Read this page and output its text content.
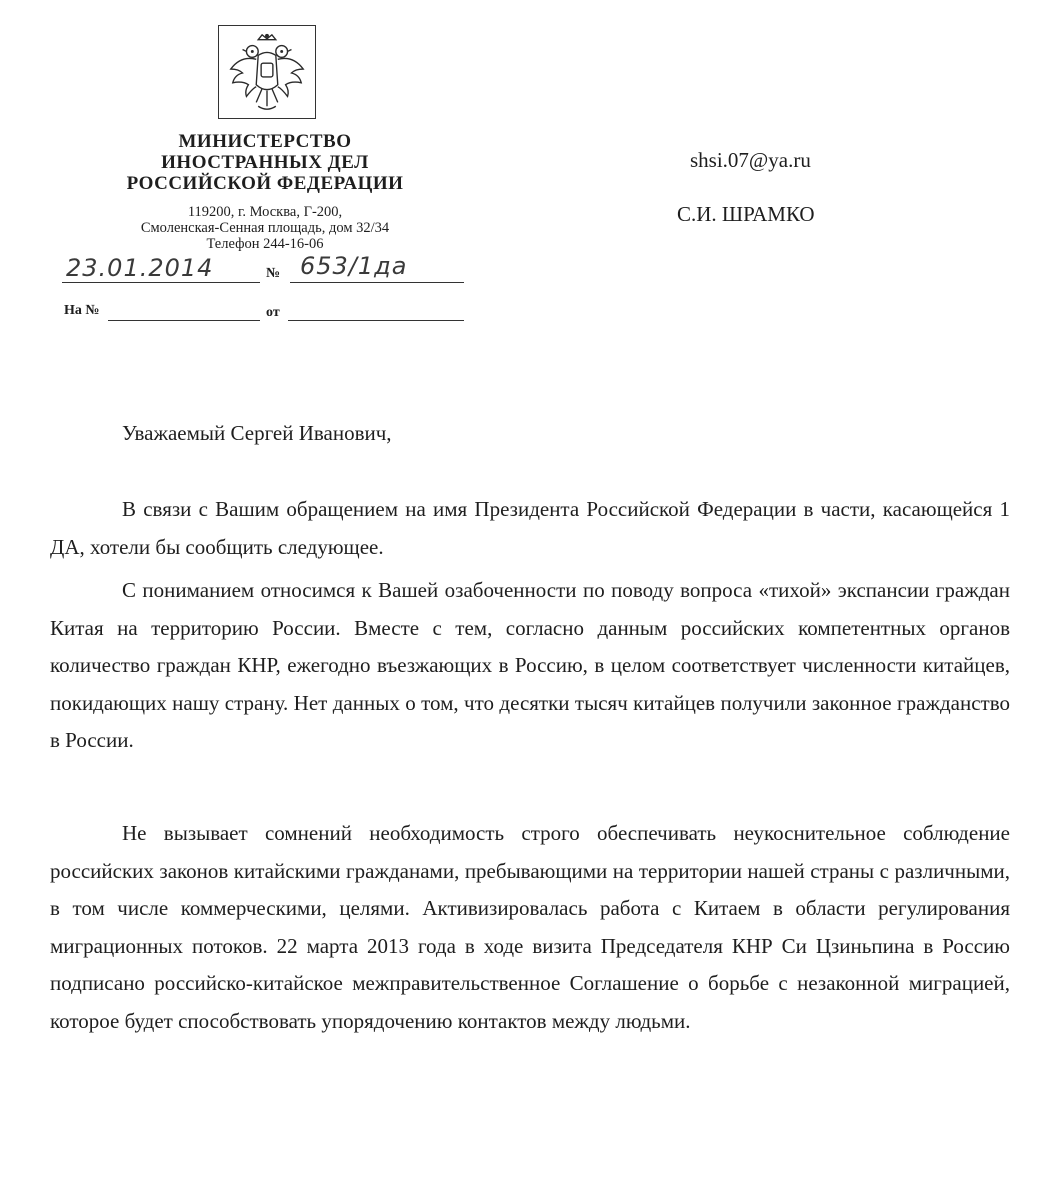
МИНИСТЕРСТВО
ИНОСТРАННЫХ ДЕЛ
РОССИЙСКОЙ ФЕДЕРАЦИИ
119200, г. Москва, Г-200,
Смоленская-Сенная площадь, дом 32/34
Телефон 244-16-06
23.01.2014	№ 653/1да
На №	от
shsi.07@ya.ru
С.И. ШРАМКО
Уважаемый Сергей Иванович,
В связи с Вашим обращением на имя Президента Российской Федерации в части, касающейся 1 ДА, хотели бы сообщить следующее.
С пониманием относимся к Вашей озабоченности по поводу вопроса «тихой» экспансии граждан Китая на территорию России. Вместе с тем, согласно данным российских компетентных органов количество граждан КНР, ежегодно въезжающих в Россию, в целом соответствует численности китайцев, покидающих нашу страну. Нет данных о том, что десятки тысяч китайцев получили законное гражданство в России.
Не вызывает сомнений необходимость строго обеспечивать неукоснительное соблюдение российских законов китайскими гражданами, пребывающими на территории нашей страны с различными, в том числе коммерческими, целями. Активизировалась работа с Китаем в области регулирования миграционных потоков. 22 марта 2013 года в ходе визита Председателя КНР Си Цзиньпина в Россию подписано российско-китайское межправительственное Соглашение о борьбе с незаконной миграцией, которое будет способствовать упорядочению контактов между людьми.
